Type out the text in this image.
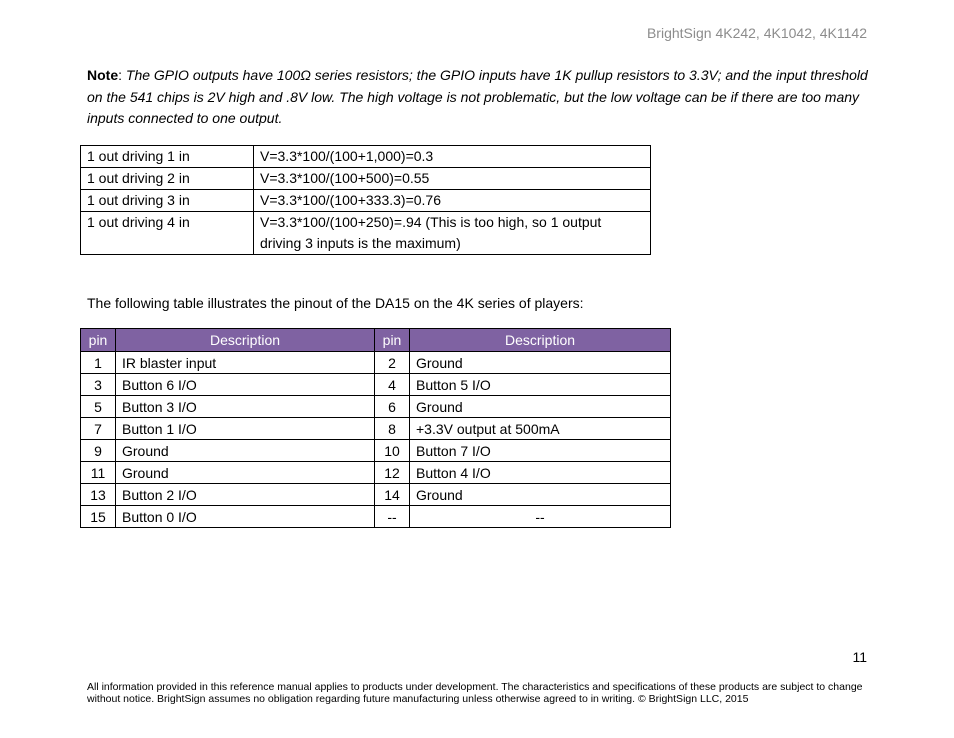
BrightSign 4K242, 4K1042, 4K1142
Note: The GPIO outputs have 100Ω series resistors; the GPIO inputs have 1K pullup resistors to 3.3V; and the input threshold on the 541 chips is 2V high and .8V low. The high voltage is not problematic, but the low voltage can be if there are too many inputs connected to one output.
1 out driving 1 in	V=3.3*100/(100+1,000)=0.3
1 out driving 2 in	V=3.3*100/(100+500)=0.55
1 out driving 3 in	V=3.3*100/(100+333.3)=0.76
1 out driving 4 in	V=3.3*100/(100+250)=.94 (This is too high, so 1 output driving 3 inputs is the maximum)
The following table illustrates the pinout of the DA15 on the 4K series of players:
pin	Description	pin	Description
1	IR blaster input	2	Ground
3	Button 6 I/O	4	Button 5 I/O
5	Button 3 I/O	6	Ground
7	Button 1 I/O	8	+3.3V output at 500mA
9	Ground	10	Button 7 I/O
11	Ground	12	Button 4 I/O
13	Button 2 I/O	14	Ground
15	Button 0 I/O	--	--
11
All information provided in this reference manual applies to products under development. The characteristics and specifications of these products are subject to change without notice. BrightSign assumes no obligation regarding future manufacturing unless otherwise agreed to in writing. © BrightSign LLC, 2015
